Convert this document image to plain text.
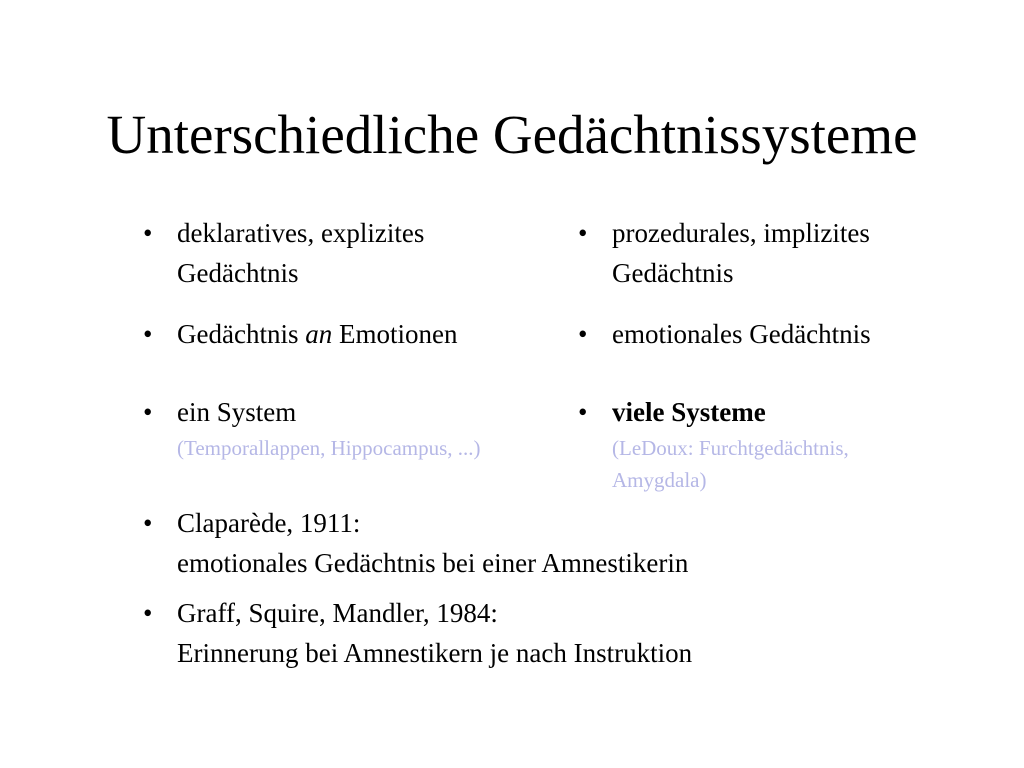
Unterschiedliche Gedächtnissysteme
• deklaratives, explizites
Gedächtnis
• Gedächtnis an Emotionen
• ein System
(Temporallappen, Hippocampus, ...)
• prozedurales, implizites
Gedächtnis
• emotionales Gedächtnis
• viele Systeme
(LeDoux: Furchtgedächtnis,
Amygdala)
• Claparède, 1911:
emotionales Gedächtnis bei einer Amnestikerin
• Graff, Squire, Mandler, 1984:
Erinnerung bei Amnestikern je nach Instruktion
